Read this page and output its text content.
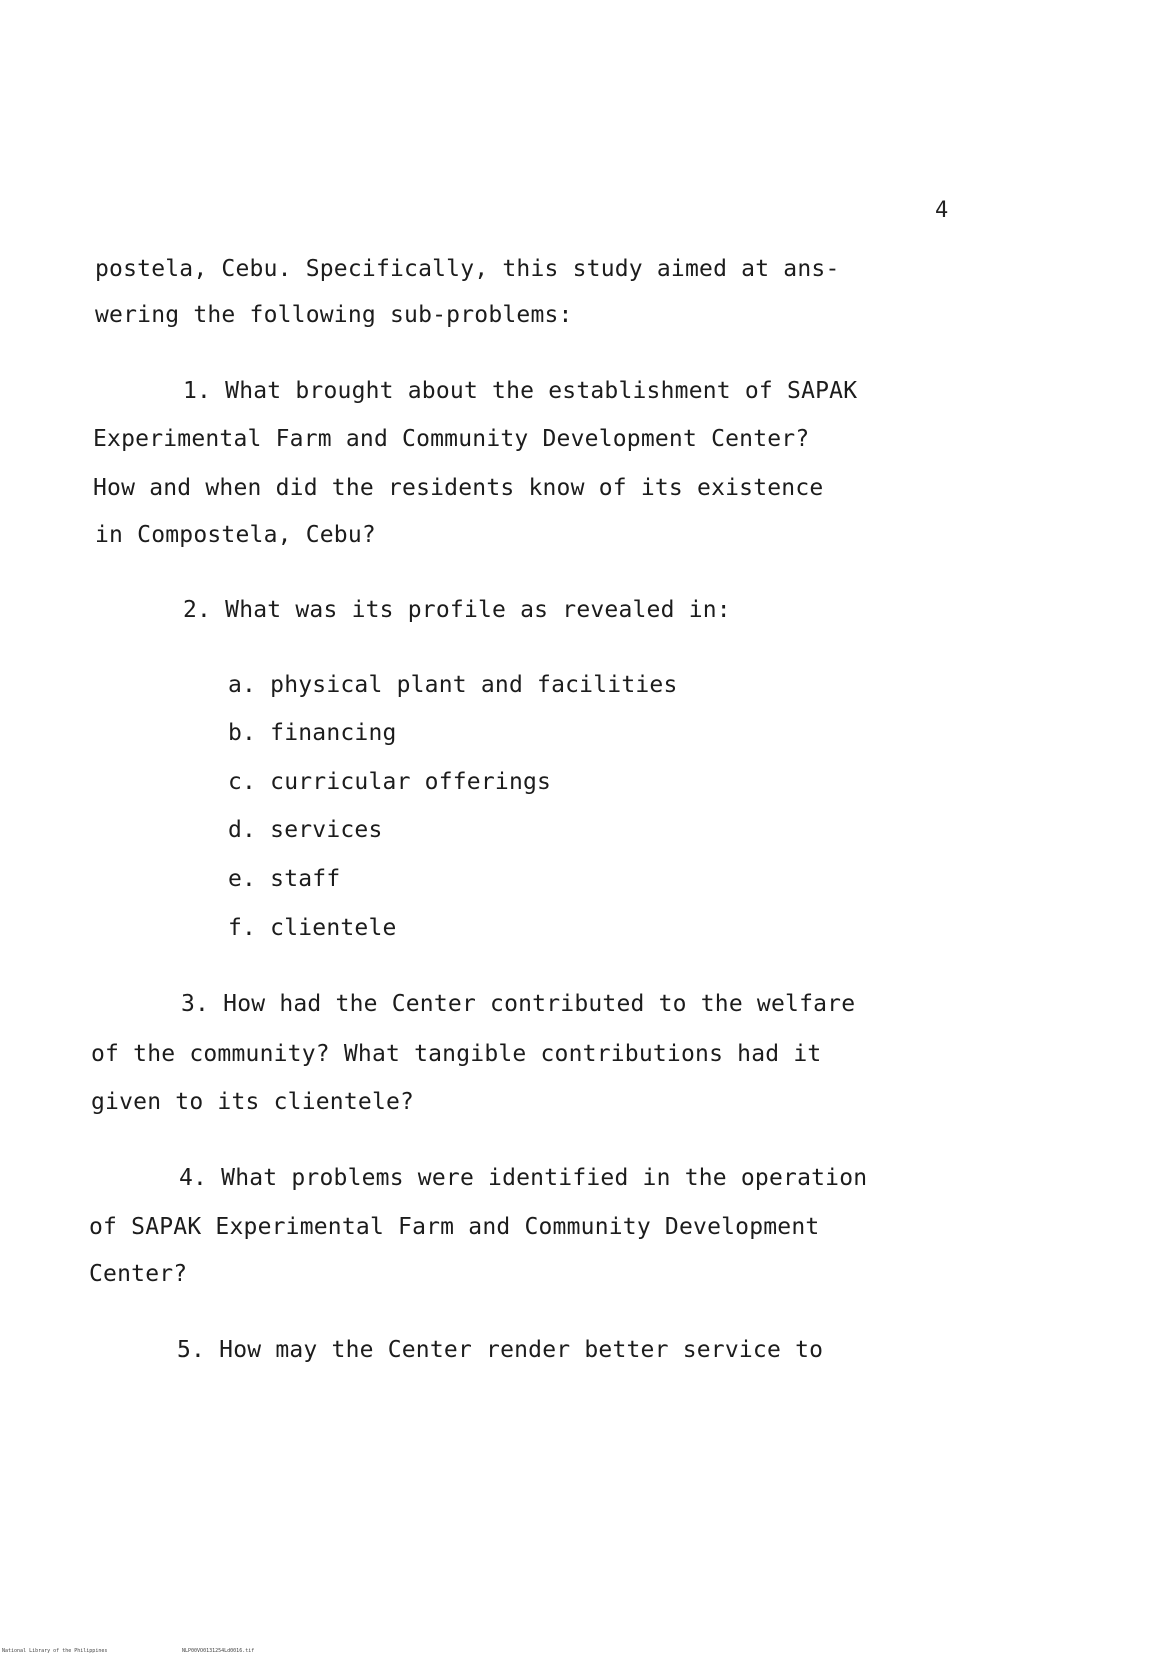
4
postela, Cebu. Specifically, this study aimed at ans-
wering the following sub-problems:
1. What brought about the establishment of SAPAK
Experimental Farm and Community Development Center?
How and when did the residents know of its existence
in Compostela, Cebu?
2. What was its profile as revealed in:
a. physical plant and facilities
b. financing
c. curricular offerings
d. services
e. staff
f. clientele
3. How had the Center contributed to the welfare
of the community? What tangible contributions had it
given to its clientele?
4. What problems were identified in the operation
of SAPAK Experimental Farm and Community Development
Center?
5. How may the Center render better service to
National Library of the Philippines	NLP00VO0131254Ld0016.tif
